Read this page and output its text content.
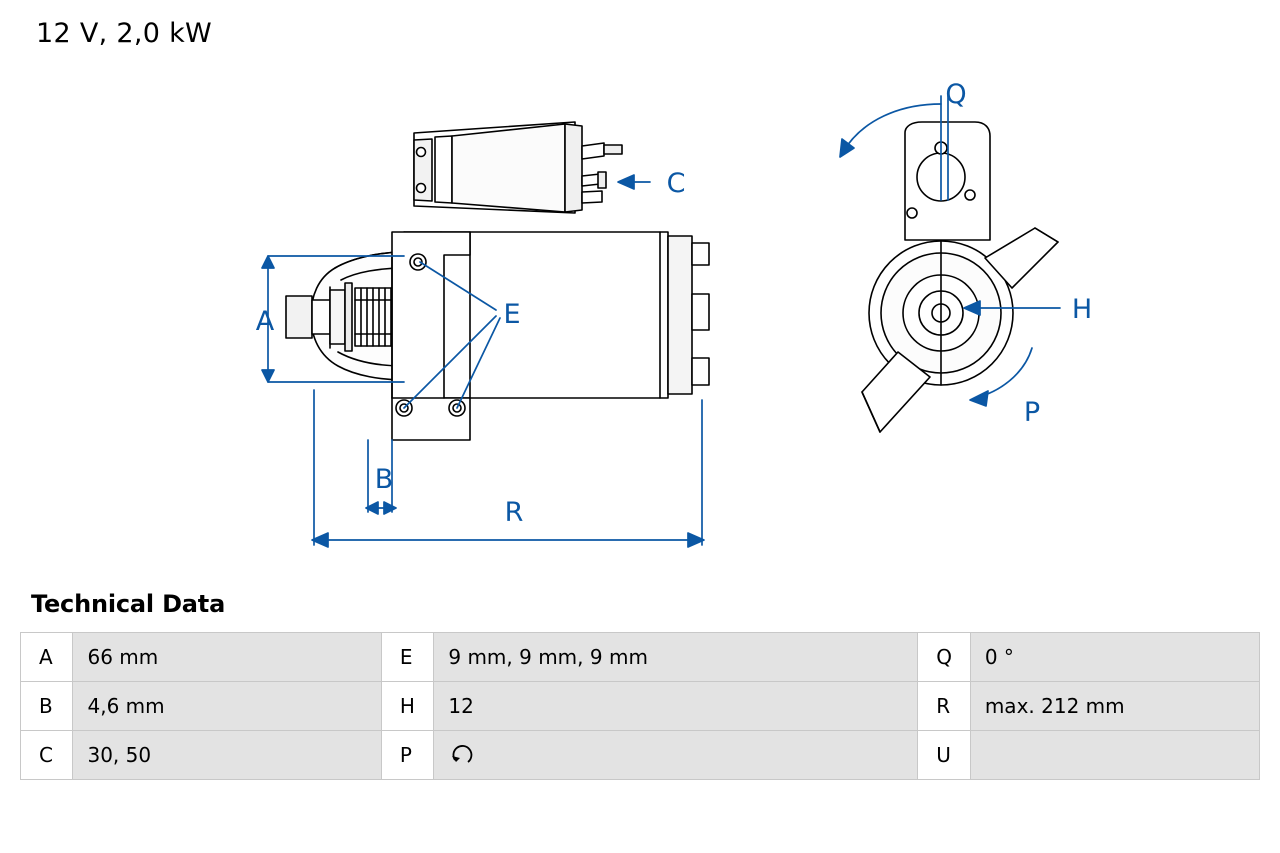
12 V, 2,0 kW
A
B
C
E
R
Q
H
P
Technical Data
A	66 mm	E	9 mm, 9 mm, 9 mm	Q	0 °
B	4,6 mm	H	12	R	max. 212 mm
C	30, 50	P		U	
